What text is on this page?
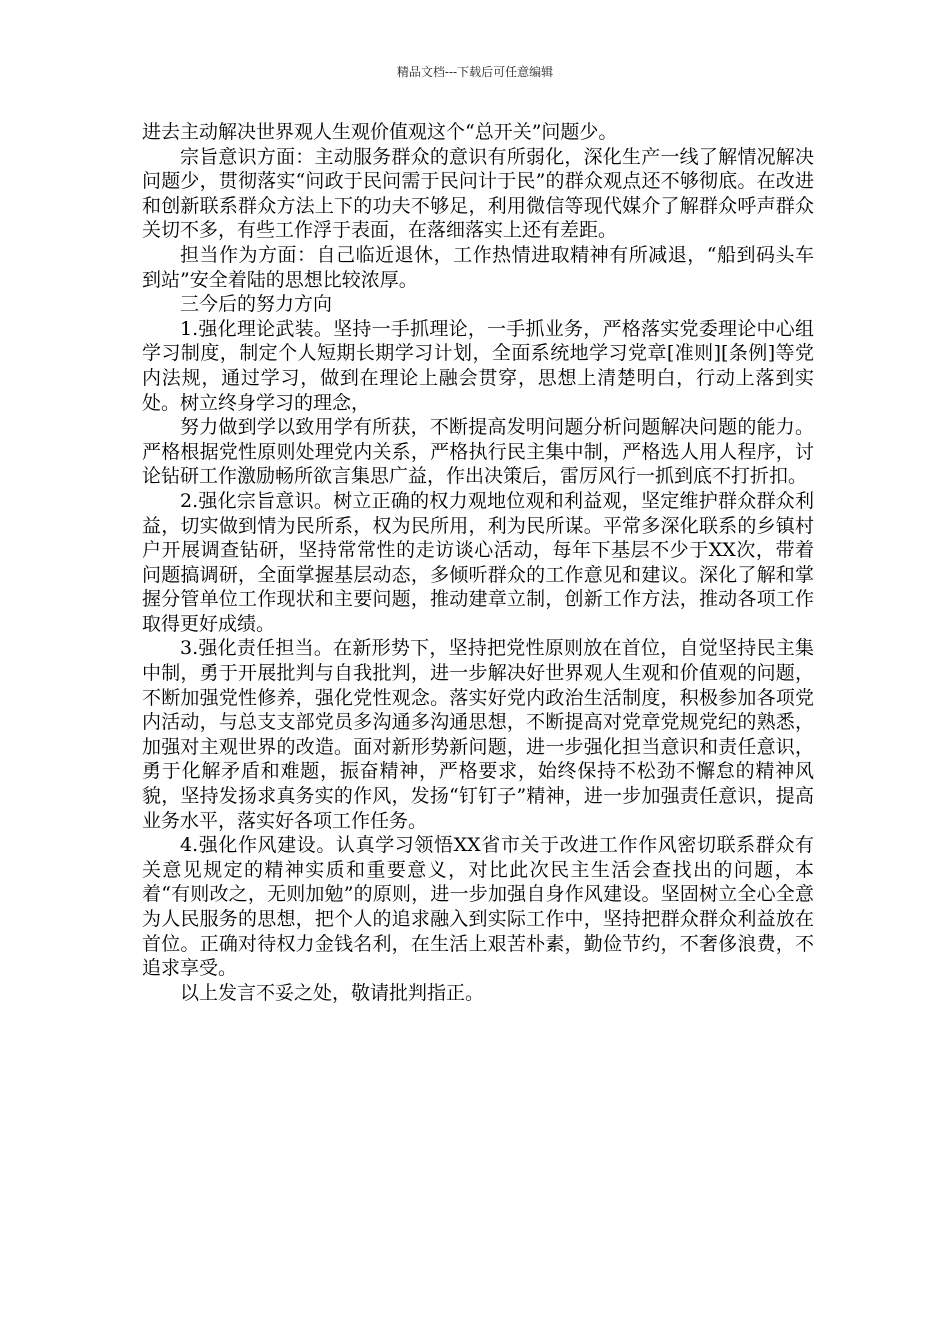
精品文档---下载后可任意编辑

进去主动解决世界观人生观价值观这个“总开关”问题少。

宗旨意识方面：主动服务群众的意识有所弱化，深化生产一线了解情况解决问题少，贯彻落实“问政于民问需于民问计于民”的群众观点还不够彻底。在改进和创新联系群众方法上下的功夫不够足，利用微信等现代媒介了解群众呼声群众关切不多，有些工作浮于表面，在落细落实上还有差距。

担当作为方面：自己临近退休，工作热情进取精神有所减退，“船到码头车到站”安全着陆的思想比较浓厚。

三今后的努力方向

1.强化理论武装。坚持一手抓理论，一手抓业务，严格落实党委理论中心组学习制度，制定个人短期长期学习计划，全面系统地学习党章[准则][条例]等党内法规，通过学习，做到在理论上融会贯穿，思想上清楚明白，行动上落到实处。树立终身学习的理念，

努力做到学以致用学有所获，不断提高发明问题分析问题解决问题的能力。严格根据党性原则处理党内关系，严格执行民主集中制，严格选人用人程序，讨论钻研工作激励畅所欲言集思广益，作出决策后，雷厉风行一抓到底不打折扣。

2.强化宗旨意识。树立正确的权力观地位观和利益观，坚定维护群众群众利益，切实做到情为民所系，权为民所用，利为民所谋。平常多深化联系的乡镇村户开展调查钻研，坚持常常性的走访谈心活动，每年下基层不少于XX次，带着问题搞调研，全面掌握基层动态，多倾听群众的工作意见和建议。深化了解和掌握分管单位工作现状和主要问题，推动建章立制，创新工作方法，推动各项工作取得更好成绩。

3.强化责任担当。在新形势下，坚持把党性原则放在首位，自觉坚持民主集中制，勇于开展批判与自我批判，进一步解决好世界观人生观和价值观的问题，不断加强党性修养，强化党性观念。落实好党内政治生活制度，积极参加各项党内活动，与总支支部党员多沟通多沟通思想，不断提高对党章党规党纪的熟悉，加强对主观世界的改造。面对新形势新问题，进一步强化担当意识和责任意识，勇于化解矛盾和难题，振奋精神，严格要求，始终保持不松劲不懈怠的精神风貌，坚持发扬求真务实的作风，发扬“钉钉子”精神，进一步加强责任意识，提高业务水平，落实好各项工作任务。

4.强化作风建设。认真学习领悟XX省市关于改进工作作风密切联系群众有关意见规定的精神实质和重要意义，对比此次民主生活会查找出的问题，本着“有则改之，无则加勉”的原则，进一步加强自身作风建设。坚固树立全心全意为人民服务的思想，把个人的追求融入到实际工作中，坚持把群众群众利益放在首位。正确对待权力金钱名利，在生活上艰苦朴素，勤俭节约，不奢侈浪费，不追求享受。

以上发言不妥之处，敬请批判指正。
